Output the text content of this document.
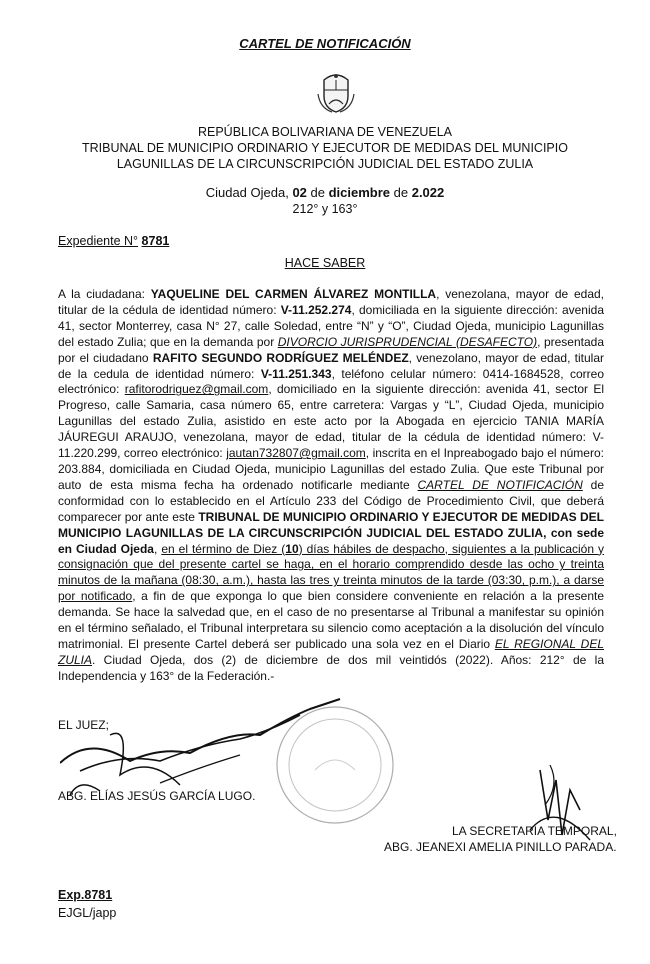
CARTEL DE NOTIFICACIÓN
REPÚBLICA BOLIVARIANA DE VENEZUELA
TRIBUNAL DE MUNICIPIO ORDINARIO Y EJECUTOR DE MEDIDAS DEL MUNICIPIO
LAGUNILLAS DE LA CIRCUNSCRIPCIÓN JUDICIAL DEL ESTADO ZULIA
Ciudad Ojeda, 02 de diciembre de 2.022
212° y 163°
Expediente N° 8781
HACE SABER

A la ciudadana: YAQUELINE DEL CARMEN ÁLVAREZ MONTILLA, venezolana, mayor de edad, titular de la cédula de identidad número: V-11.252.274, domiciliada en la siguiente dirección: avenida 41, sector Monterrey, casa N° 27, calle Soledad, entre “N” y “O”, Ciudad Ojeda, municipio Lagunillas del estado Zulia; que en la demanda por DIVORCIO JURISPRUDENCIAL (DESAFECTO), presentada por el ciudadano RAFITO SEGUNDO RODRÍGUEZ MELÉNDEZ, venezolano, mayor de edad, titular de la cedula de identidad número: V-11.251.343, teléfono celular número: 0414-1684528, correo electrónico: rafitorodriguez@gmail.com, domiciliado en la siguiente dirección: avenida 41, sector El Progreso, calle Samaria, casa número 65, entre carretera: Vargas y “L”, Ciudad Ojeda, municipio Lagunillas del estado Zulia, asistido en este acto por la Abogada en ejercicio TANIA MARÍA JÁUREGUI ARAUJO, venezolana, mayor de edad, titular de la cédula de identidad número: V-11.220.299, correo electrónico: jautan732807@gmail.com, inscrita en el Inpreabogado bajo el número: 203.884, domiciliada en Ciudad Ojeda, municipio Lagunillas del estado Zulia. Que este Tribunal por auto de esta misma fecha ha ordenado notificarle mediante CARTEL DE NOTIFICACIÓN de conformidad con lo establecido en el Artículo 233 del Código de Procedimiento Civil, que deberá comparecer por ante este TRIBUNAL DE MUNICIPIO ORDINARIO Y EJECUTOR DE MEDIDAS DEL MUNICIPIO LAGUNILLAS DE LA CIRCUNSCRIPCIÓN JUDICIAL DEL ESTADO ZULIA, con sede en Ciudad Ojeda, en el término de Diez (10) días hábiles de despacho, siguientes a la publicación y consignación que del presente cartel se haga, en el horario comprendido desde las ocho y treinta minutos de la mañana (08:30, a.m.), hasta las tres y treinta minutos de la tarde (03:30, p.m.), a darse por notificado, a fin de que exponga lo que bien considere conveniente en relación a la presente demanda. Se hace la salvedad que, en el caso de no presentarse al Tribunal a manifestar su opinión en el término señalado, el Tribunal interpretara su silencio como aceptación a la disolución del vínculo matrimonial. El presente Cartel deberá ser publicado una sola vez en el Diario EL REGIONAL DEL ZULIA. Ciudad Ojeda, dos (2) de diciembre de dos mil veintidós (2022). Años: 212° de la Independencia y 163° de la Federación.-

EL JUEZ;
ABG. ELÍAS JESÚS GARCÍA LUGO.
LA SECRETARIA TEMPORAL,
ABG. JEANEXI AMELIA PINILLO PARADA.
Exp.8781
EJGL/japp
